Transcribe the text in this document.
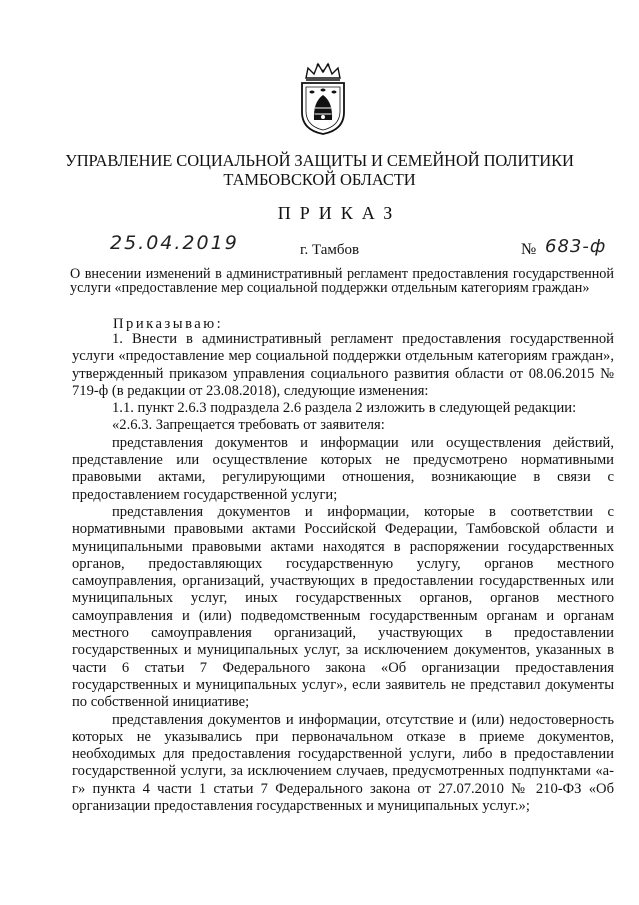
УПРАВЛЕНИЕ СОЦИАЛЬНОЙ ЗАЩИТЫ И СЕМЕЙНОЙ ПОЛИТИКИ
ТАМБОВСКОЙ ОБЛАСТИ
ПРИКАЗ
25.04.2019	г. Тамбов	№ 683-ф
О внесении изменений в административный регламент предоставления государственной услуги «предоставление мер социальной поддержки отдельным категориям граждан»
Приказываю:

1. Внести в административный регламент предоставления государственной услуги «предоставление мер социальной поддержки отдельным категориям граждан», утвержденный приказом управления социального развития области от 08.06.2015 № 719-ф (в редакции от 23.08.2018), следующие изменения:

1.1. пункт 2.6.3 подраздела 2.6 раздела 2 изложить в следующей редакции:

«2.6.3. Запрещается требовать от заявителя:

представления документов и информации или осуществления действий, представление или осуществление которых не предусмотрено нормативными правовыми актами, регулирующими отношения, возникающие в связи с предоставлением государственной услуги;

представления документов и информации, которые в соответствии с нормативными правовыми актами Российской Федерации, Тамбовской области и муниципальными правовыми актами находятся в распоряжении государственных органов, предоставляющих государственную услугу, органов местного самоуправления, организаций, участвующих в предоставлении государственных или муниципальных услуг, иных государственных органов, органов местного самоуправления и (или) подведомственным государственным органам и органам местного самоуправления организаций, участвующих в предоставлении государственных и муниципальных услуг, за исключением документов, указанных в части 6 статьи 7 Федерального закона «Об организации предоставления государственных и муниципальных услуг», если заявитель не представил документы по собственной инициативе;

представления документов и информации, отсутствие и (или) недостоверность которых не указывались при первоначальном отказе в приеме документов, необходимых для предоставления государственной услуги, либо в предоставлении государственной услуги, за исключением случаев, предусмотренных подпунктами «а-г» пункта 4 части 1 статьи 7 Федерального закона от 27.07.2010 № 210-ФЗ «Об организации предоставления государственных и муниципальных услуг.»;
